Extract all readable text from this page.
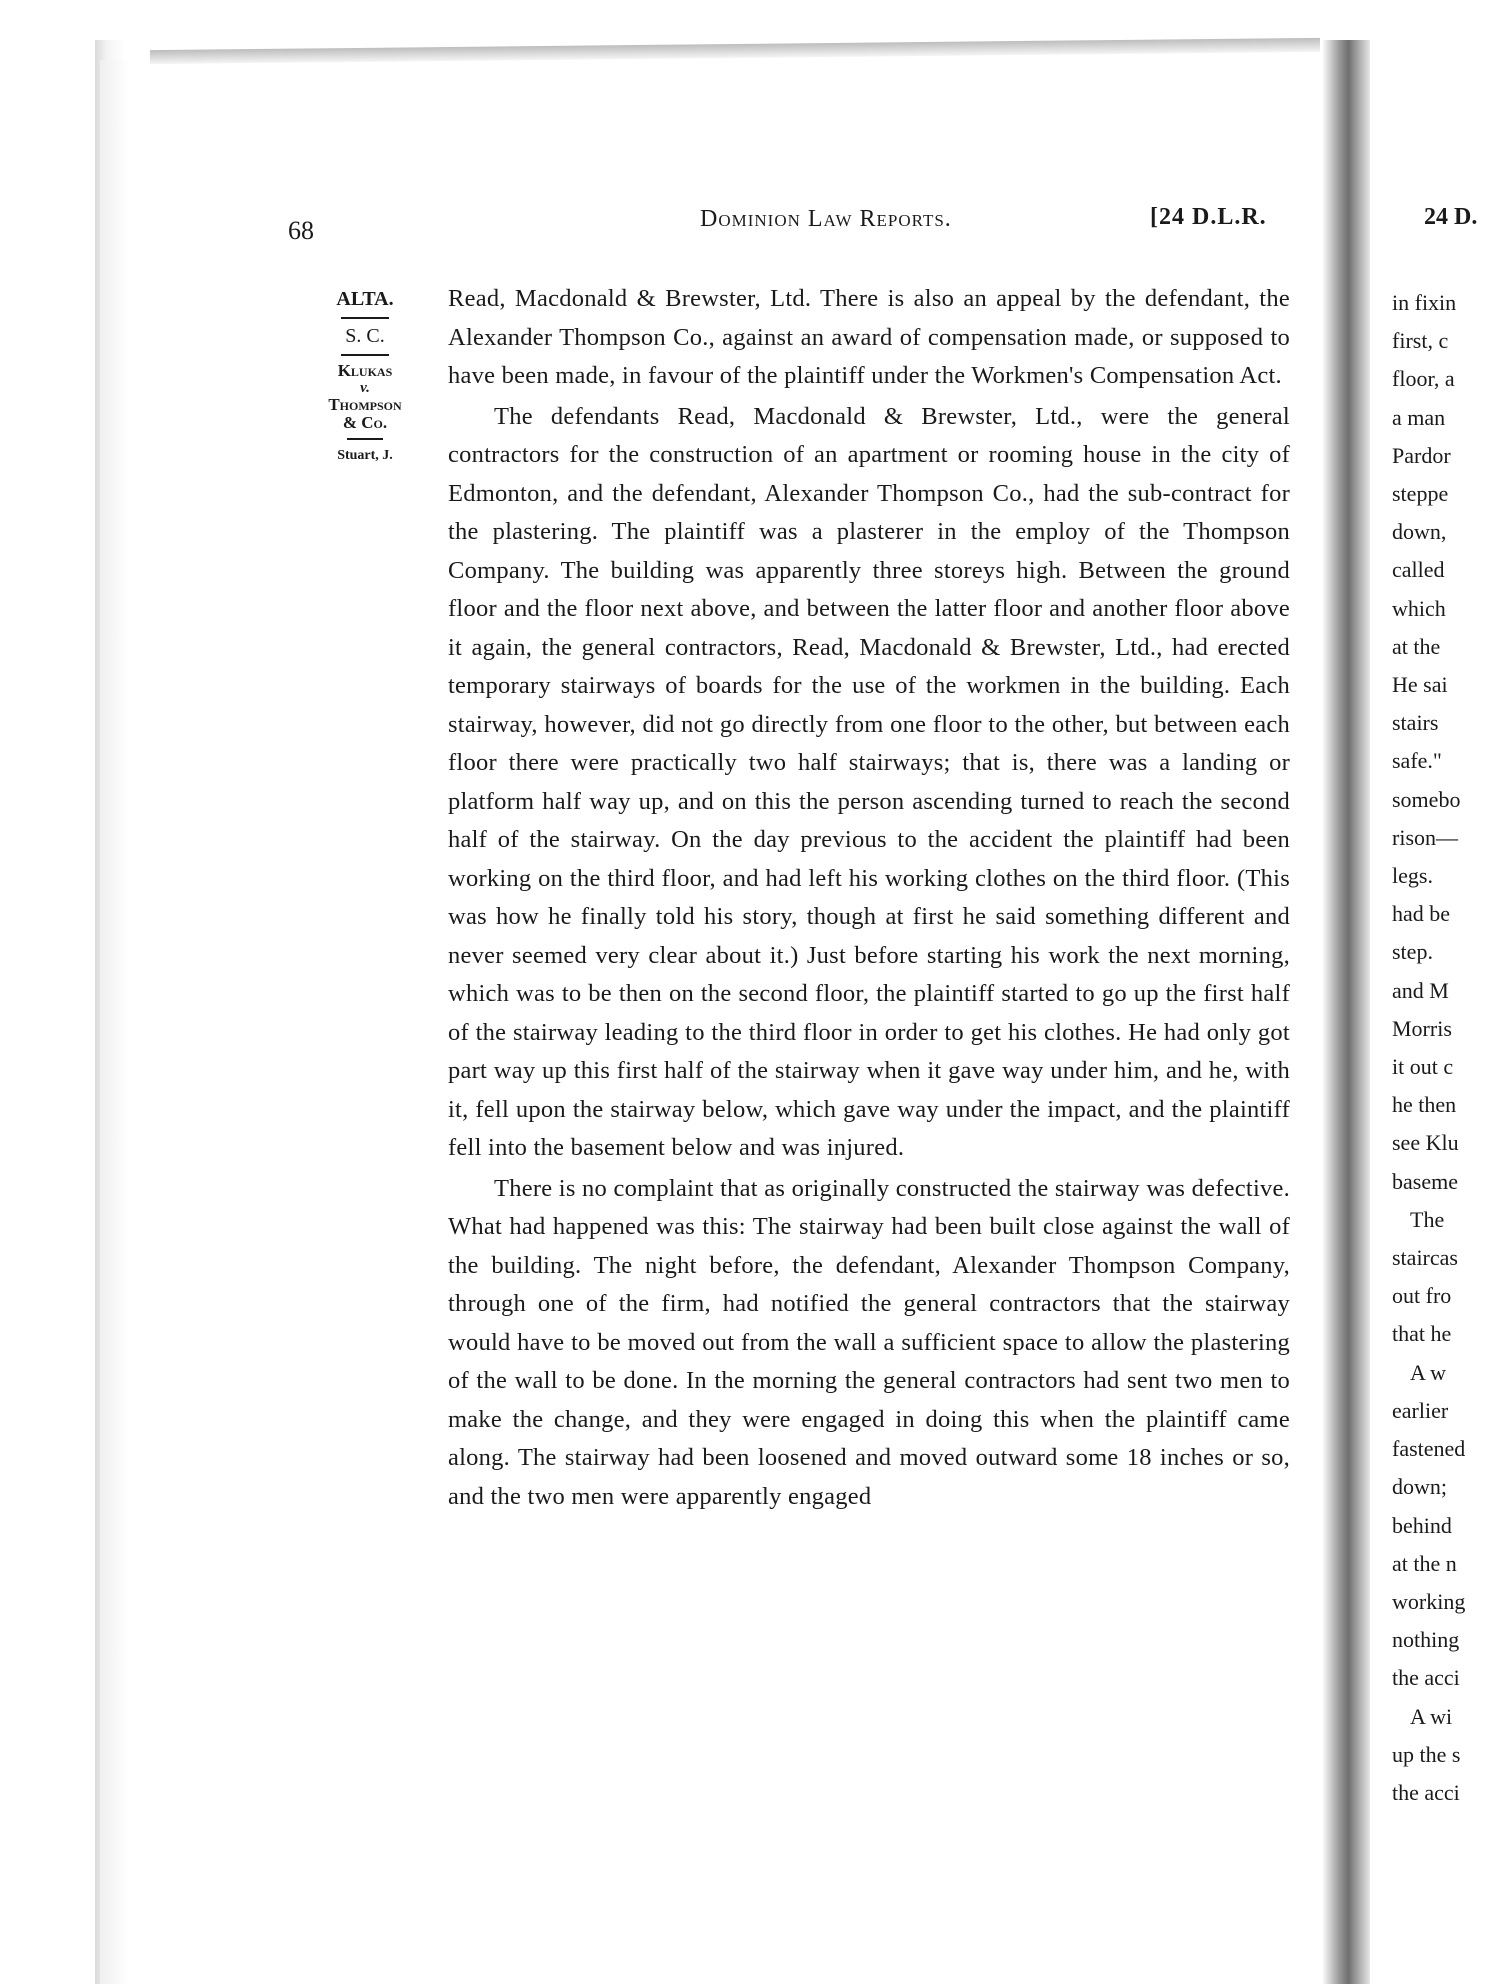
68	Dominion Law Reports.	[24 D.L.R.
ALTA.
S. C.
Klukas
v.
Thompson
& Co.
Stuart, J.

Read, Macdonald & Brewster, Ltd. There is also an appeal by the defendant, the Alexander Thompson Co., against an award of compensation made, or supposed to have been made, in favour of the plaintiff under the Workmen's Compensation Act.

The defendants Read, Macdonald & Brewster, Ltd., were the general contractors for the construction of an apartment or rooming house in the city of Edmonton, and the defendant, Alexander Thompson Co., had the sub-contract for the plastering. The plaintiff was a plasterer in the employ of the Thompson Company. The building was apparently three storeys high. Between the ground floor and the floor next above, and between the latter floor and another floor above it again, the general contractors, Read, Macdonald & Brewster, Ltd., had erected temporary stairways of boards for the use of the workmen in the building. Each stairway, however, did not go directly from one floor to the other, but between each floor there were practically two half stairways; that is, there was a landing or platform half way up, and on this the person ascending turned to reach the second half of the stairway. On the day previous to the accident the plaintiff had been working on the third floor, and had left his working clothes on the third floor. (This was how he finally told his story, though at first he said something different and never seemed very clear about it.) Just before starting his work the next morning, which was to be then on the second floor, the plaintiff started to go up the first half of the stairway leading to the third floor in order to get his clothes. He had only got part way up this first half of the stairway when it gave way under him, and he, with it, fell upon the stairway below, which gave way under the impact, and the plaintiff fell into the basement below and was injured.

There is no complaint that as originally constructed the stairway was defective. What had happened was this: The stairway had been built close against the wall of the building. The night before, the defendant, Alexander Thompson Company, through one of the firm, had notified the general contractors that the stairway would have to be moved out from the wall a sufficient space to allow the plastering of the wall to be done. In the morning the general contractors had sent two men to make the change, and they were engaged in doing this when the plaintiff came along. The stairway had been loosened and moved outward some 18 inches or so, and the two men were apparently engaged

24 D.
in fixin
first, c
floor, a
a man
Pardor
steppe
down,
called
which
at the
He sai
stairs
safe."
somebo
rison—
legs.
had be
step.
and M
Morris
it out c
he then
see Klu
baseme
The
staircas
out fro
that he
A w
earlier
fastened
down;
behind
at the n
working
nothing
the acci
A wi
up the s
the acci
